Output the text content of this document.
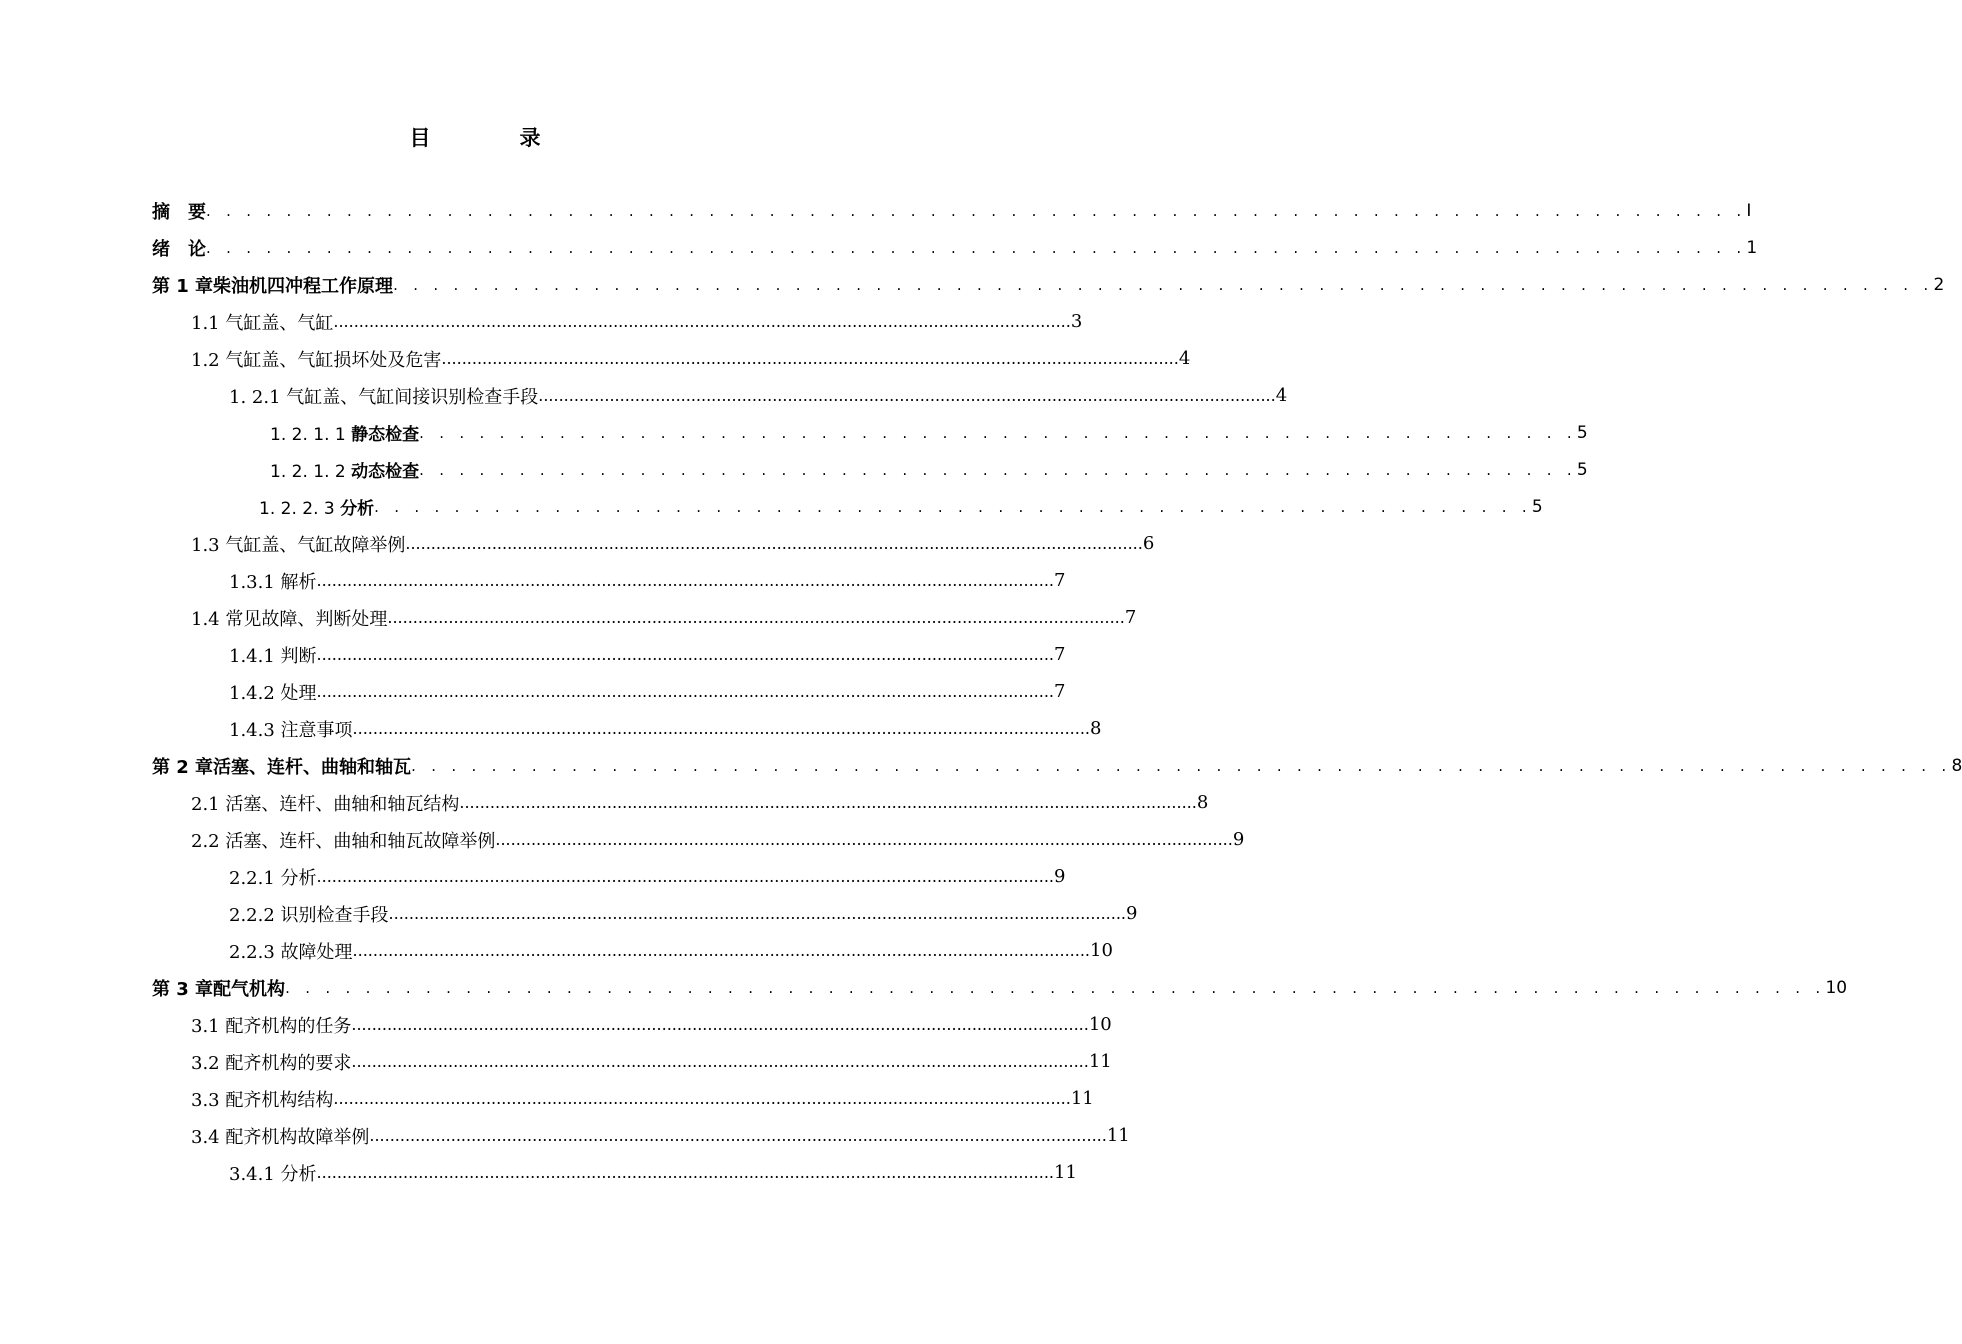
目　录
摘　要 . . . . . . . . . . . . . . . . . . . . . . . . . . . . . . . . . . . . . . . . . . . . . . . . . . . . . . . . . . . . . . . . . . . . . . . . . . . . . I
绪　论 . . . . . . . . . . . . . . . . . . . . . . . . . . . . . . . . . . . . . . . . . . . . . . . . . . . . . . . . . . . . . . . . . . . . . . . . . . . . . 1
第 1 章柴油机四冲程工作原理 . . . . . . . . . . . . . . . . . . . . . . . . . . . . . . . . . . . . . . . . . . . . . . . . . . . . . . . . . . . . . . . . . . . . . . . . . . . . . 2
1.1 气缸盖、气缸 ................................................................................................................................................. 3
1.2 气缸盖、气缸损坏处及危害 ................................................................................................................................................. 4
1. 2.1 气缸盖、气缸间接识别检查手段 ................................................................................................................................................. 4
1. 2. 1. 1 静态检查 . . . . . . . . . . . . . . . . . . . . . . . . . . . . . . . . . . . . . . . . . . . . . . . . . . . . . . . . . . 5
1. 2. 1. 2 动态检查 . . . . . . . . . . . . . . . . . . . . . . . . . . . . . . . . . . . . . . . . . . . . . . . . . . . . . . . . . . 5
1. 2. 2. 3 分析 . . . . . . . . . . . . . . . . . . . . . . . . . . . . . . . . . . . . . . . . . . . . . . . . . . . . . . . . . . 5
1.3 气缸盖、气缸故障举例 ................................................................................................................................................. 6
1.3.1 解析 ................................................................................................................................................. 7
1.4 常见故障、判断处理 ................................................................................................................................................. 7
1.4.1 判断 ................................................................................................................................................. 7
1.4.2 处理 ................................................................................................................................................. 7
1.4.3 注意事项 ................................................................................................................................................. 8
第 2 章活塞、连杆、曲轴和轴瓦 . . . . . . . . . . . . . . . . . . . . . . . . . . . . . . . . . . . . . . . . . . . . . . . . . . . . . . . . . . . . . . . . . . . . . . . . . . . . . 8
2.1 活塞、连杆、曲轴和轴瓦结构 ................................................................................................................................................. 8
2.2 活塞、连杆、曲轴和轴瓦故障举例 ................................................................................................................................................. 9
2.2.1 分析 ................................................................................................................................................. 9
2.2.2 识别检查手段 ................................................................................................................................................. 9
2.2.3 故障处理 ................................................................................................................................................. 10
第 3 章配气机构 . . . . . . . . . . . . . . . . . . . . . . . . . . . . . . . . . . . . . . . . . . . . . . . . . . . . . . . . . . . . . . . . . . . . . . . . . . . . . 10
3.1 配齐机构的任务 ................................................................................................................................................. 10
3.2 配齐机构的要求 ................................................................................................................................................. 11
3.3 配齐机构结构 ................................................................................................................................................. 11
3.4 配齐机构故障举例 ................................................................................................................................................. 11
3.4.1 分析 ................................................................................................................................................. 11
